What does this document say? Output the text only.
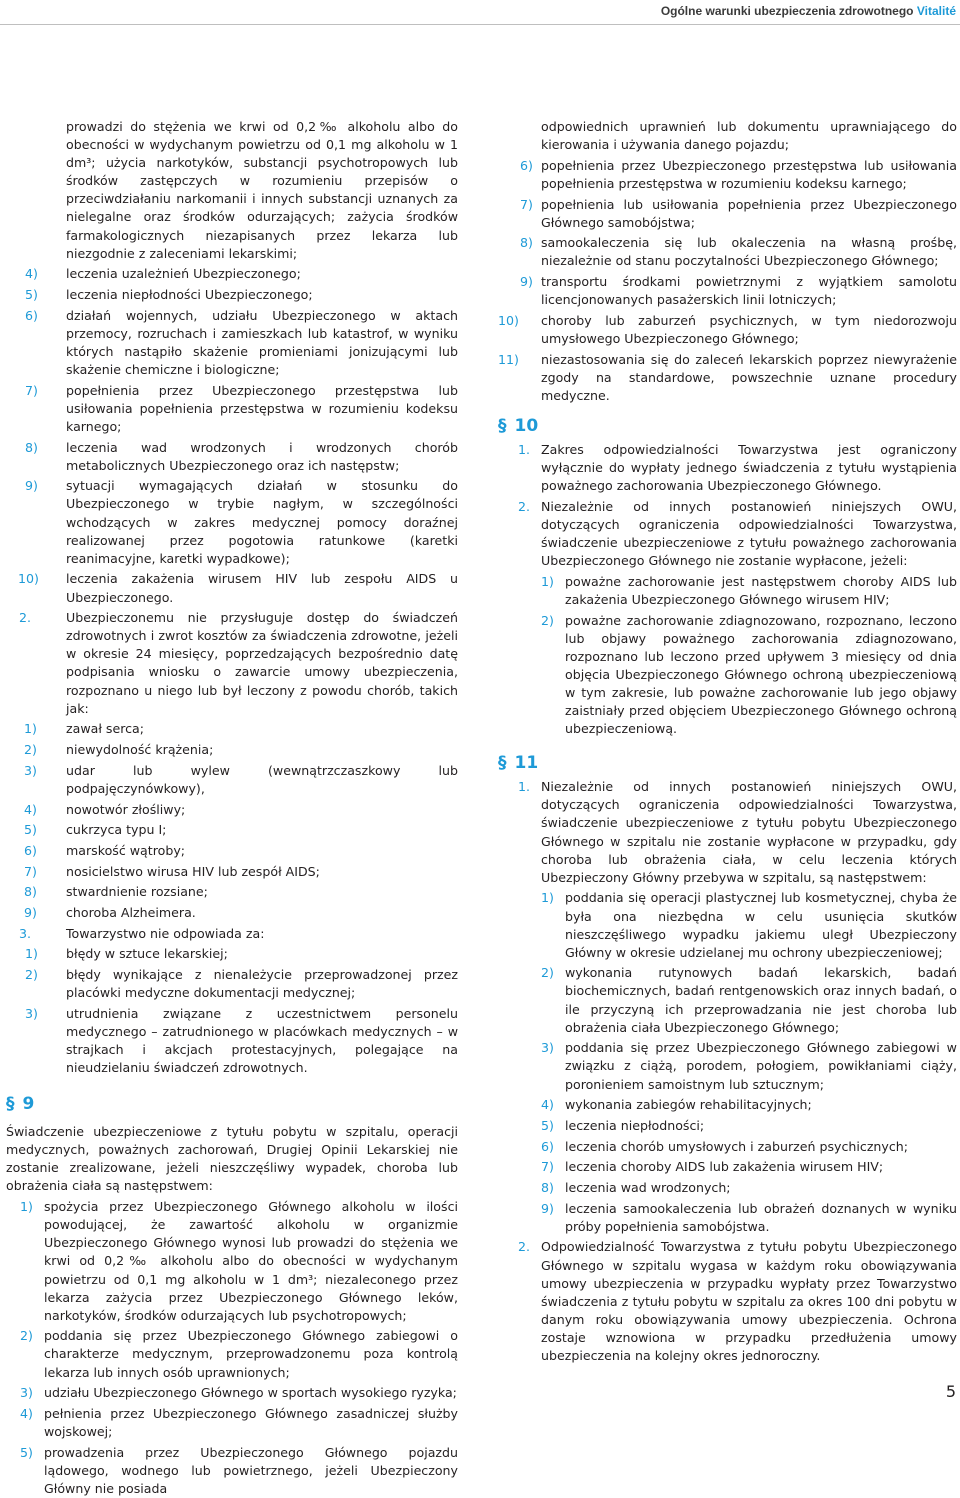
Ogólne warunki ubezpieczenia zdrowotnego Vitalité
prowadzi do stężenia we krwi od 0,2‰ alkoholu albo do obecności w wydychanym powietrzu od 0,1 mg alkoholu w 1 dm³; użycia narkotyków, substancji psychotropowych lub środków zastępczych w rozumieniu przepisów o przeciwdziałaniu narkomanii i innych substancji uznanych za nielegalne oraz środków odurzających; zażycia środków farmakologicznych niezapisanych przez lekarza lub niezgodnie z zaleceniami lekarskimi;
4) leczenia uzależnień Ubezpieczonego;
5) leczenia niepłodności Ubezpieczonego;
6) działań wojennych, udziału Ubezpieczonego w aktach przemocy, rozruchach i zamieszkach lub katastrof, w wyniku których nastąpiło skażenie promieniami jonizującymi lub skażenie chemiczne i biologiczne;
7) popełnienia przez Ubezpieczonego przestępstwa lub usiłowania popełnienia przestępstwa w rozumieniu kodeksu karnego;
8) leczenia wad wrodzonych i wrodzonych chorób metabolicznych Ubezpieczonego oraz ich następstw;
9) sytuacji wymagających działań w stosunku do Ubezpieczonego w trybie nagłym, w szczególności wchodzących w zakres medycznej pomocy doraźnej realizowanej przez pogotowia ratunkowe (karetki reanimacyjne, karetki wypadkowe);
10) leczenia zakażenia wirusem HIV lub zespołu AIDS u Ubezpieczonego.
2.	Ubezpieczonemu nie przysługuje dostęp do świadczeń zdrowotnych i zwrot kosztów za świadczenia zdrowotne, jeżeli w okresie 24 miesięcy, poprzedzających bezpośrednio datę podpisania wniosku o zawarcie umowy ubezpieczenia, rozpoznano u niego lub był leczony z powodu chorób, takich jak:
1) zawał serca;
2) niewydolność krążenia;
3) udar lub wylew (wewnątrzczaszkowy lub podpajęczynówkowy),
4) nowotwór złośliwy;
5) cukrzyca typu I;
6) marskość wątroby;
7) nosicielstwo wirusa HIV lub zespół AIDS;
8) stwardnienie rozsiane;
9) choroba Alzheimera.
3.	Towarzystwo nie odpowiada za:
1) błędy w sztuce lekarskiej;
2) błędy wynikające z nienależycie przeprowadzonej przez placówki medyczne dokumentacji medycznej;
3) utrudnienia związane z uczestnictwem personelu medycznego – zatrudnionego w placówkach medycznych – w strajkach i akcjach protestacyjnych, polegające na nieudzielaniu świadczeń zdrowotnych.
§ 9
Świadczenie ubezpieczeniowe z tytułu pobytu w szpitalu, operacji medycznych, poważnych zachorowań, Drugiej Opinii Lekarskiej nie zostanie zrealizowane, jeżeli nieszczęśliwy wypadek, choroba lub obrażenia ciała są następstwem:
1) spożycia przez Ubezpieczonego Głównego alkoholu w ilości powodującej, że zawartość alkoholu w organizmie Ubezpieczonego Głównego wynosi lub prowadzi do stężenia we krwi od 0,2‰ alkoholu albo do obecności w wydychanym powietrzu od 0,1 mg alkoholu w 1 dm³; niezaleconego przez lekarza zażycia przez Ubezpieczonego Głównego leków, narkotyków, środków odurzających lub psychotropowych;
2) poddania się przez Ubezpieczonego Głównego zabiegowi o charakterze medycznym, przeprowadzonemu poza kontrolą lekarza lub innych osób uprawnionych;
3) udziału Ubezpieczonego Głównego w sportach wysokiego ryzyka;
4) pełnienia przez Ubezpieczonego Głównego zasadniczej służby wojskowej;
5) prowadzenia przez Ubezpieczonego Głównego pojazdu lądowego, wodnego lub powietrznego, jeżeli Ubezpieczony Główny nie posiada
odpowiednich uprawnień lub dokumentu uprawniającego do kierowania i używania danego pojazdu;
6) popełnienia przez Ubezpieczonego przestępstwa lub usiłowania popełnienia przestępstwa w rozumieniu kodeksu karnego;
7) popełnienia lub usiłowania popełnienia przez Ubezpieczonego Głównego samobójstwa;
8) samookaleczenia się lub okaleczenia na własną prośbę, niezależnie od stanu poczytalności Ubezpieczonego Głównego;
9) transportu środkami powietrznymi z wyjątkiem samolotu licencjonowanych pasażerskich linii lotniczych;
10) choroby lub zaburzeń psychicznych, w tym niedorozwoju umysłowego Ubezpieczonego Głównego;
11) niezastosowania się do zaleceń lekarskich poprzez niewyrażenie zgody na standardowe, powszechnie uznane procedury medyczne.
§ 10
1. Zakres odpowiedzialności Towarzystwa jest ograniczony wyłącznie do wypłaty jednego świadczenia z tytułu wystąpienia poważnego zachorowania Ubezpieczonego Głównego.
2. Niezależnie od innych postanowień niniejszych OWU, dotyczących ograniczenia odpowiedzialności Towarzystwa, świadczenie ubezpieczeniowe z tytułu poważnego zachorowania Ubezpieczonego Głównego nie zostanie wypłacone, jeżeli:
1) poważne zachorowanie jest następstwem choroby AIDS lub zakażenia Ubezpieczonego Głównego wirusem HIV;
2) poważne zachorowanie zdiagnozowano, rozpoznano, leczono lub objawy poważnego zachorowania zdiagnozowano, rozpoznano lub leczono przed upływem 3 miesięcy od dnia objęcia Ubezpieczonego Głównego ochroną ubezpieczeniową w tym zakresie, lub poważne zachorowanie lub jego objawy zaistniały przed objęciem Ubezpieczonego Głównego ochroną ubezpieczeniową.
§ 11
1. Niezależnie od innych postanowień niniejszych OWU, dotyczących ograniczenia odpowiedzialności Towarzystwa, świadczenie ubezpieczeniowe z tytułu pobytu Ubezpieczonego Głównego w szpitalu nie zostanie wypłacone w przypadku, gdy choroba lub obrażenia ciała, w celu leczenia których Ubezpieczony Główny przebywa w szpitalu, są następstwem:
1) poddania się operacji plastycznej lub kosmetycznej, chyba że była ona niezbędna w celu usunięcia skutków nieszczęśliwego wypadku jakiemu uległ Ubezpieczony Główny w okresie udzielanej mu ochrony ubezpieczeniowej;
2) wykonania rutynowych badań lekarskich, badań biochemicznych, badań rentgenowskich oraz innych badań, o ile przyczyną ich przeprowadzania nie jest choroba lub obrażenia ciała Ubezpieczonego Głównego;
3) poddania się przez Ubezpieczonego Głównego zabiegowi w związku z ciążą, porodem, połogiem, powikłaniami ciąży, poronieniem samoistnym lub sztucznym;
4) wykonania zabiegów rehabilitacyjnych;
5) leczenia niepłodności;
6) leczenia chorób umysłowych i zaburzeń psychicznych;
7) leczenia choroby AIDS lub zakażenia wirusem HIV;
8) leczenia wad wrodzonych;
9) leczenia samookaleczenia lub obrażeń doznanych w wyniku próby popełnienia samobójstwa.
2. Odpowiedzialność Towarzystwa z tytułu pobytu Ubezpieczonego Głównego w szpitalu wygasa w każdym roku obowiązywania umowy ubezpieczenia w przypadku wypłaty przez Towarzystwo świadczenia z tytułu pobytu w szpitalu za okres 100 dni pobytu w danym roku obowiązywania umowy ubezpieczenia. Ochrona zostaje wznowiona w przypadku przedłużenia umowy ubezpieczenia na kolejny okres jednoroczny.
5
